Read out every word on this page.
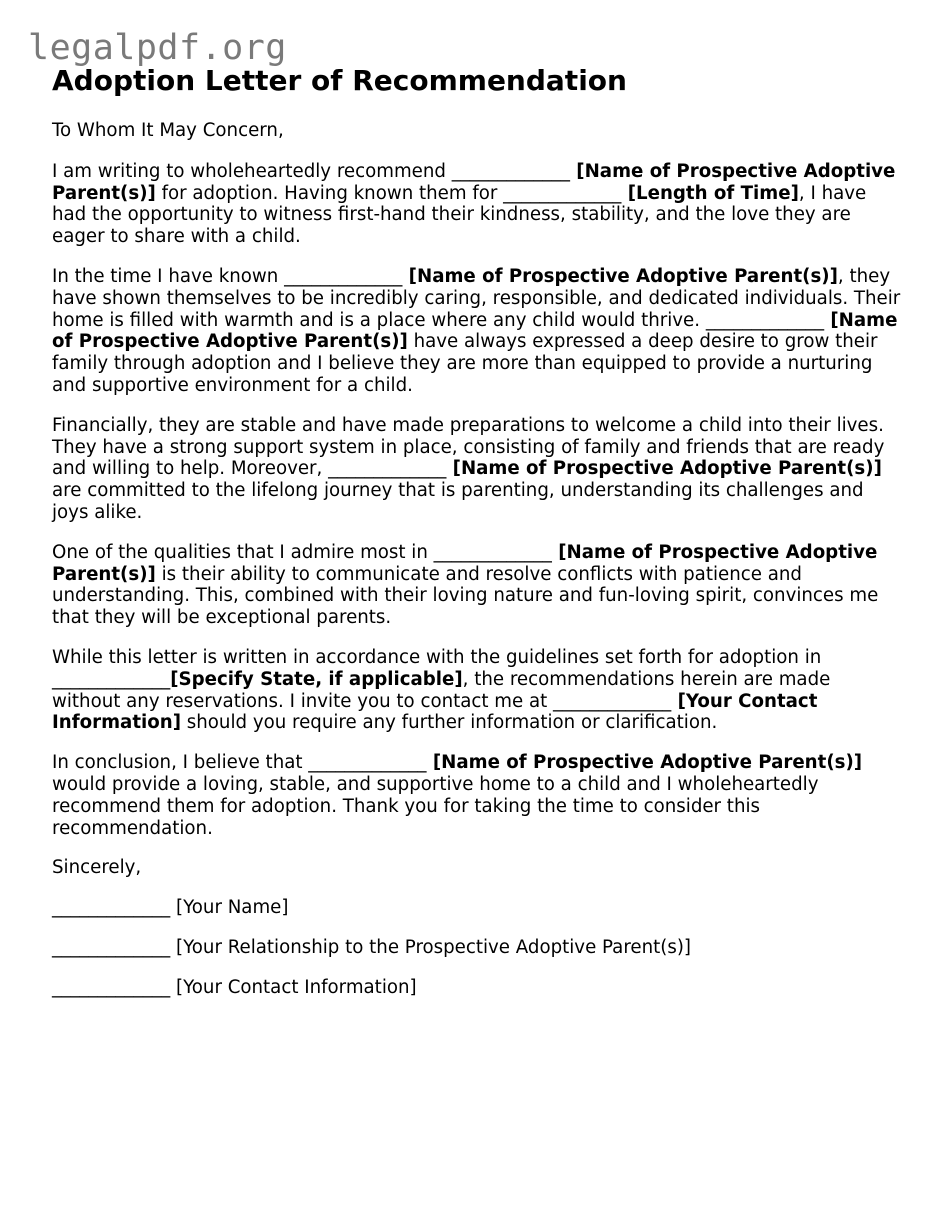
legalpdf.org
Adoption Letter of Recommendation

To Whom It May Concern,

I am writing to wholeheartedly recommend _____________ [Name of Prospective Adoptive Parent(s)] for adoption. Having known them for _____________ [Length of Time], I have had the opportunity to witness first-hand their kindness, stability, and the love they are eager to share with a child.

In the time I have known _____________ [Name of Prospective Adoptive Parent(s)], they have shown themselves to be incredibly caring, responsible, and dedicated individuals. Their home is filled with warmth and is a place where any child would thrive. _____________ [Name of Prospective Adoptive Parent(s)] have always expressed a deep desire to grow their family through adoption and I believe they are more than equipped to provide a nurturing and supportive environment for a child.

Financially, they are stable and have made preparations to welcome a child into their lives. They have a strong support system in place, consisting of family and friends that are ready and willing to help. Moreover, _____________ [Name of Prospective Adoptive Parent(s)] are committed to the lifelong journey that is parenting, understanding its challenges and joys alike.

One of the qualities that I admire most in _____________ [Name of Prospective Adoptive Parent(s)] is their ability to communicate and resolve conflicts with patience and understanding. This, combined with their loving nature and fun-loving spirit, convinces me that they will be exceptional parents.

While this letter is written in accordance with the guidelines set forth for adoption in _____________[Specify State, if applicable], the recommendations herein are made without any reservations. I invite you to contact me at _____________ [Your Contact Information] should you require any further information or clarification.

In conclusion, I believe that _____________ [Name of Prospective Adoptive Parent(s)] would provide a loving, stable, and supportive home to a child and I wholeheartedly recommend them for adoption. Thank you for taking the time to consider this recommendation.

Sincerely,

_____________ [Your Name]

_____________ [Your Relationship to the Prospective Adoptive Parent(s)]

_____________ [Your Contact Information]
